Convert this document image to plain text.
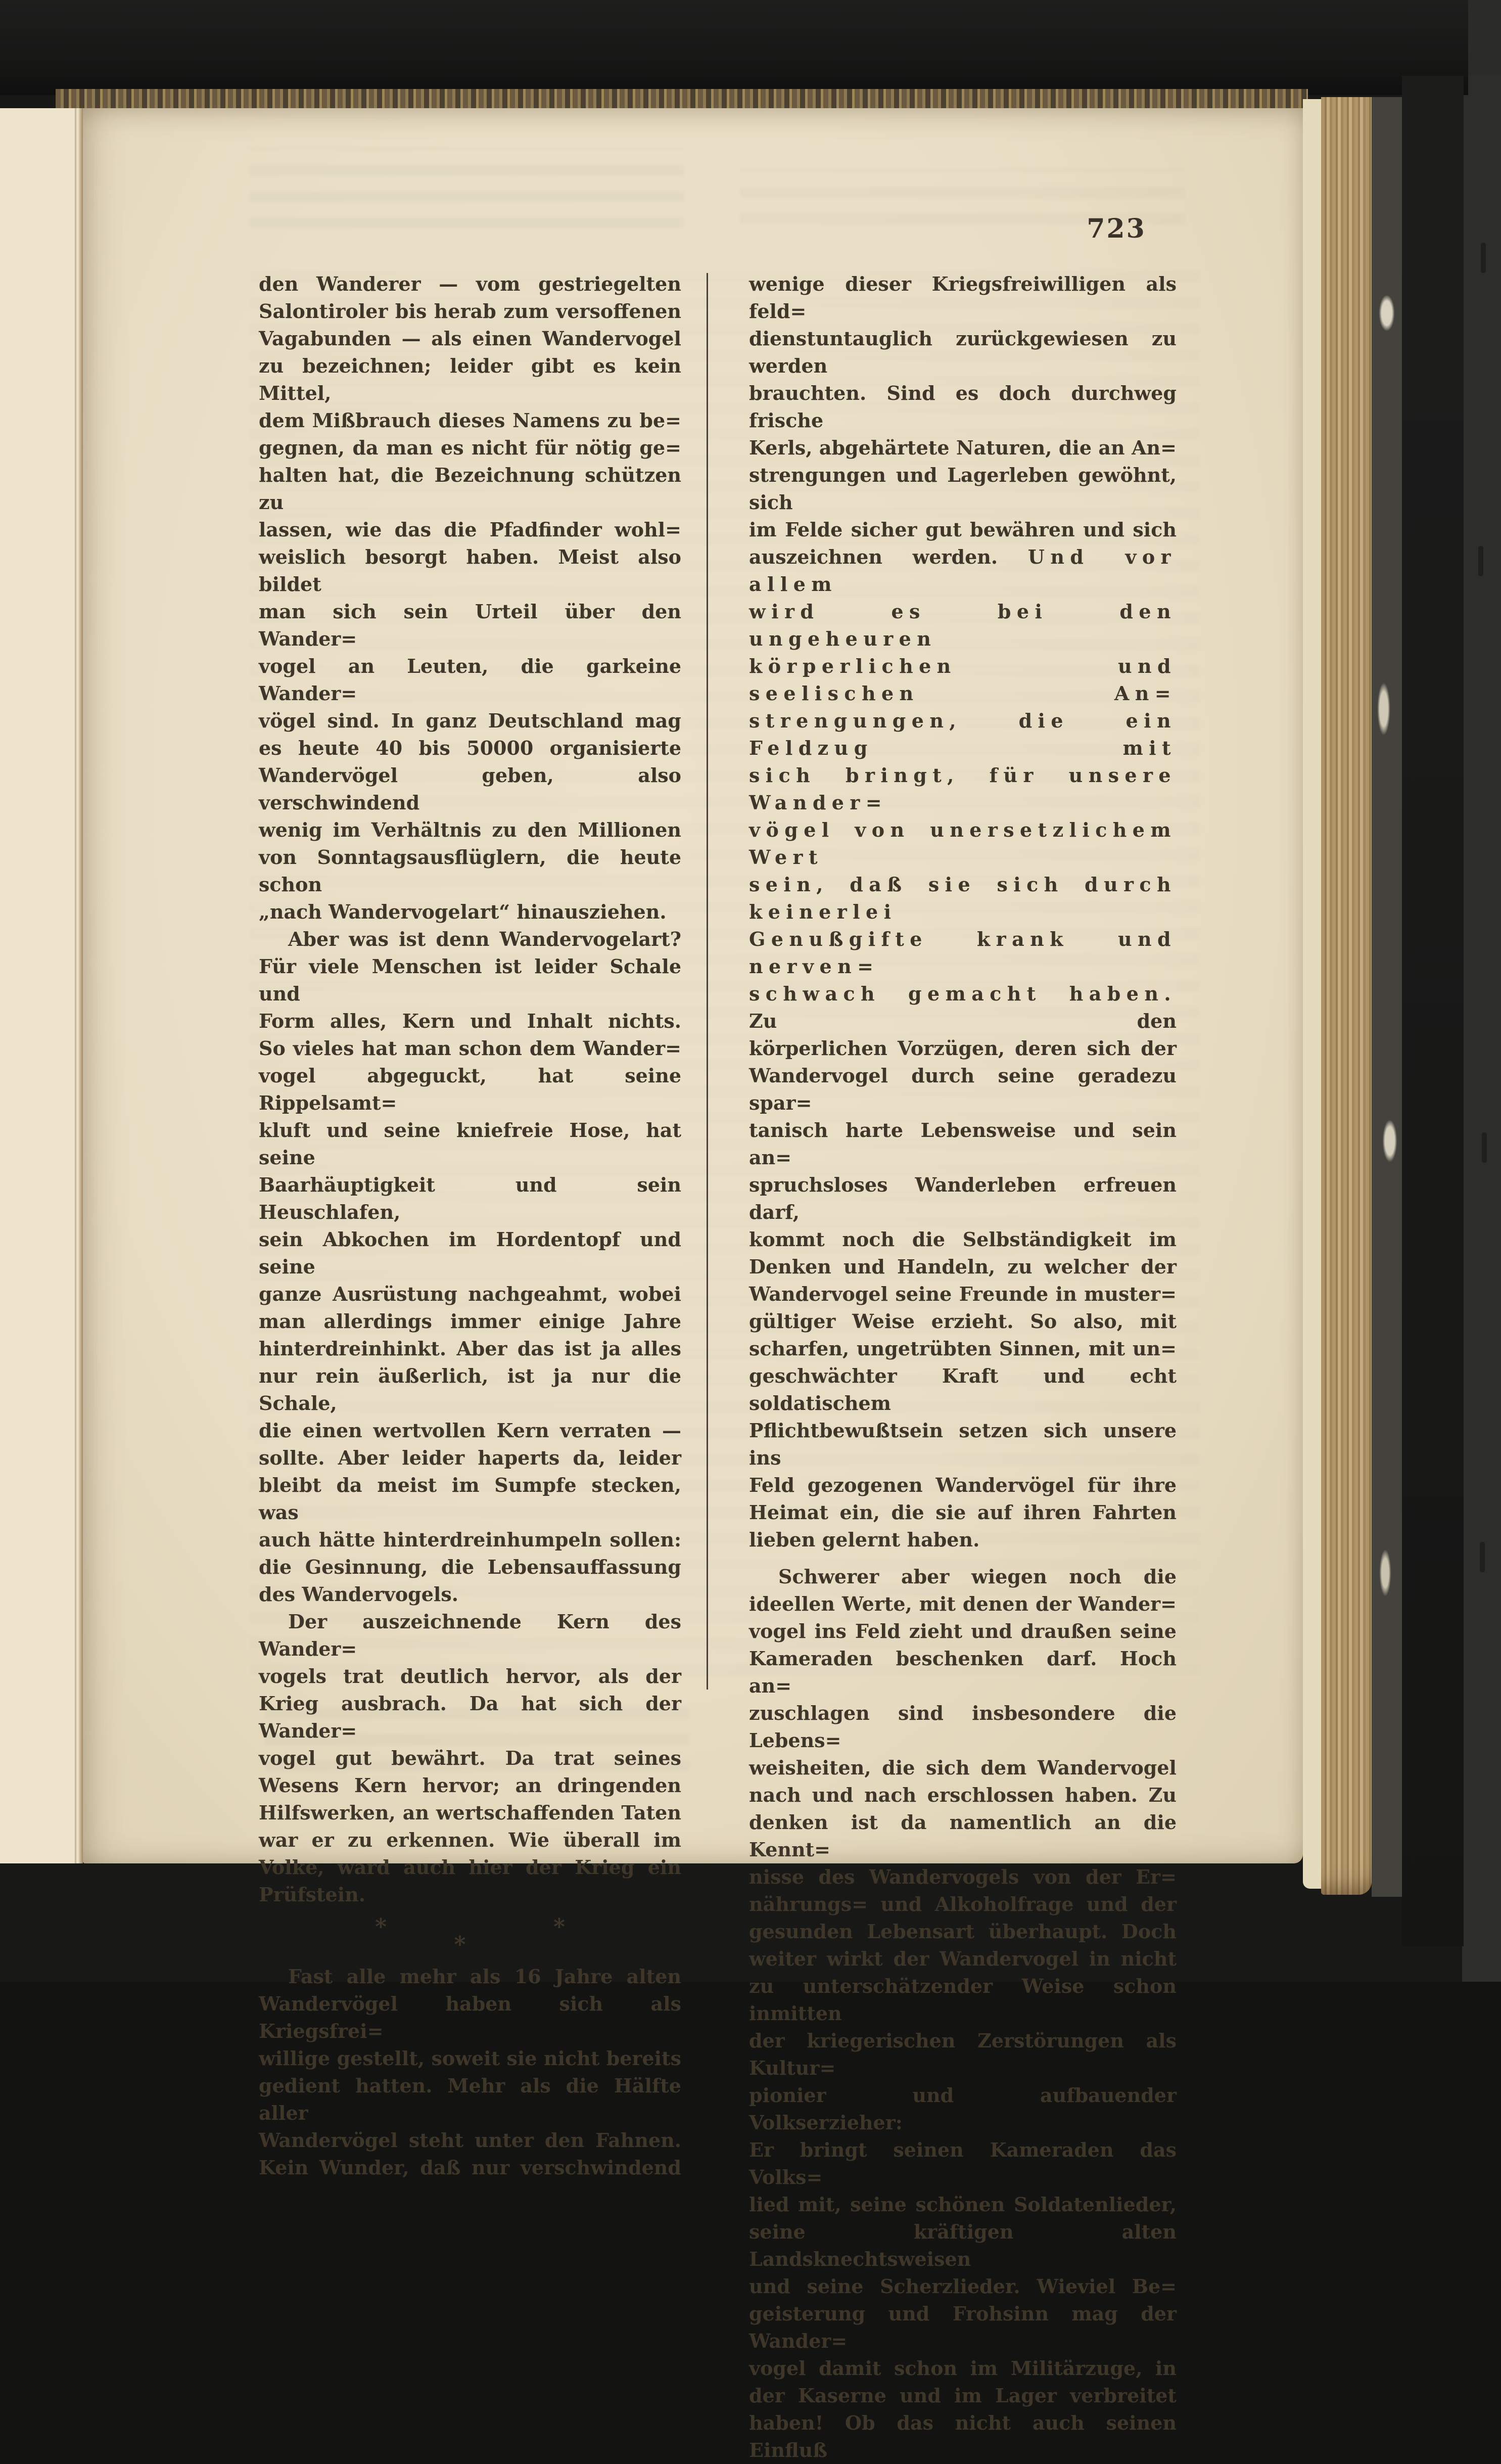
723
den Wanderer — vom gestriegelten
Salontiroler bis herab zum versoffenen
Vagabunden — als einen Wandervogel
zu bezeichnen; leider gibt es kein Mittel,
dem Mißbrauch dieses Namens zu be=
gegnen, da man es nicht für nötig ge=
halten hat, die Bezeichnung schützen zu
lassen, wie das die Pfadfinder wohl=
weislich besorgt haben. Meist also bildet
man sich sein Urteil über den Wander=
vogel an Leuten, die garkeine Wander=
vögel sind. In ganz Deutschland mag
es heute 40 bis 50000 organisierte
Wandervögel geben, also verschwindend
wenig im Verhältnis zu den Millionen
von Sonntagsausflüglern, die heute schon
„nach Wandervogelart“ hinausziehen.
Aber was ist denn Wandervogelart?
Für viele Menschen ist leider Schale und
Form alles, Kern und Inhalt nichts.
So vieles hat man schon dem Wander=
vogel abgeguckt, hat seine Rippelsamt=
kluft und seine kniefreie Hose, hat seine
Baarhäuptigkeit und sein Heuschlafen,
sein Abkochen im Hordentopf und seine
ganze Ausrüstung nachgeahmt, wobei
man allerdings immer einige Jahre
hinterdreinhinkt. Aber das ist ja alles
nur rein äußerlich, ist ja nur die Schale,
die einen wertvollen Kern verraten —
sollte. Aber leider haperts da, leider
bleibt da meist im Sumpfe stecken, was
auch hätte hinterdreinhumpeln sollen:
die Gesinnung, die Lebensauffassung
des Wandervogels.
Der auszeichnende Kern des Wander=
vogels trat deutlich hervor, als der
Krieg ausbrach. Da hat sich der Wander=
vogel gut bewährt. Da trat seines
Wesens Kern hervor; an dringenden
Hilfswerken, an wertschaffenden Taten
war er zu erkennen. Wie überall im
Volke, ward auch hier der Krieg ein
Prüfstein.
*	*
*
Fast alle mehr als 16 Jahre alten
Wandervögel haben sich als Kriegsfrei=
willige gestellt, soweit sie nicht bereits
gedient hatten. Mehr als die Hälfte aller
Wandervögel steht unter den Fahnen.
Kein Wunder, daß nur verschwindend
wenige dieser Kriegsfreiwilligen als feld=
dienstuntauglich zurückgewiesen zu werden
brauchten. Sind es doch durchweg frische
Kerls, abgehärtete Naturen, die an An=
strengungen und Lagerleben gewöhnt, sich
im Felde sicher gut bewähren und sich
auszeichnen werden. Und vor allem
wird es bei den ungeheuren
körperlichen und seelischen An=
strengungen, die ein Feldzug mit
sich bringt, für unsere Wander=
vögel von unersetzlichem Wert
sein, daß sie sich durch keinerlei
Genußgifte krank und nerven=
schwach gemacht haben. Zu den
körperlichen Vorzügen, deren sich der
Wandervogel durch seine geradezu spar=
tanisch harte Lebensweise und sein an=
spruchsloses Wanderleben erfreuen darf,
kommt noch die Selbständigkeit im
Denken und Handeln, zu welcher der
Wandervogel seine Freunde in muster=
gültiger Weise erzieht. So also, mit
scharfen, ungetrübten Sinnen, mit un=
geschwächter Kraft und echt soldatischem
Pflichtbewußtsein setzen sich unsere ins
Feld gezogenen Wandervögel für ihre
Heimat ein, die sie auf ihren Fahrten
lieben gelernt haben.
Schwerer aber wiegen noch die
ideellen Werte, mit denen der Wander=
vogel ins Feld zieht und draußen seine
Kameraden beschenken darf. Hoch an=
zuschlagen sind insbesondere die Lebens=
weisheiten, die sich dem Wandervogel
nach und nach erschlossen haben. Zu
denken ist da namentlich an die Kennt=
nisse des Wandervogels von der Er=
nährungs= und Alkoholfrage und der
gesunden Lebensart überhaupt. Doch
weiter wirkt der Wandervogel in nicht
zu unterschätzender Weise schon inmitten
der kriegerischen Zerstörungen als Kultur=
pionier und aufbauender Volkserzieher:
Er bringt seinen Kameraden das Volks=
lied mit, seine schönen Soldatenlieder,
seine kräftigen alten Landsknechtsweisen
und seine Scherzlieder. Wieviel Be=
geisterung und Frohsinn mag der Wander=
vogel damit schon im Militärzuge, in
der Kaserne und im Lager verbreitet
haben! Ob das nicht auch seinen Einfluß
